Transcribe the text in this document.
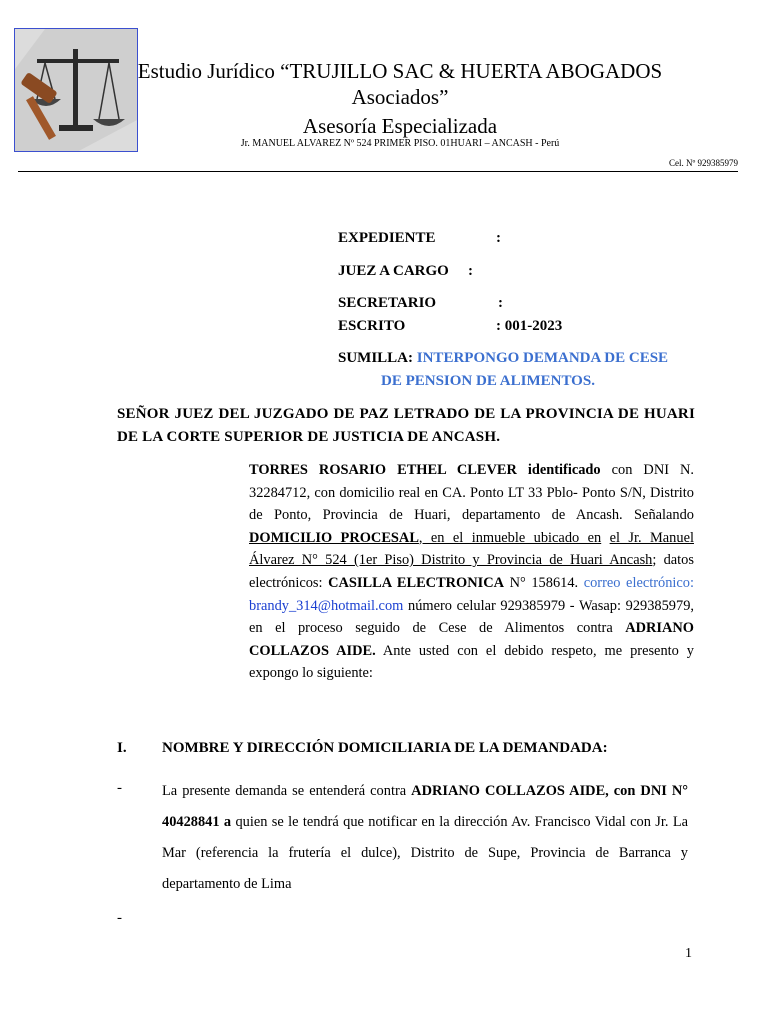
Estudio Jurídico “TRUJILLO SAC & HUERTA ABOGADOS
Asociados”
Asesoría Especializada
Jr. MANUEL ALVAREZ Nº 524 PRIMER PISO. 01HUARI – ANCASH - Perú
Cel. Nº 929385979
EXPEDIENTE	:
JUEZ A CARGO :
SECRETARIO	:
ESCRITO	: 001-2023
SUMILLA: INTERPONGO DEMANDA DE CESE
DE PENSION DE ALIMENTOS.
SEÑOR JUEZ DEL JUZGADO DE PAZ LETRADO DE LA PROVINCIA DE HUARI DE LA CORTE SUPERIOR DE JUSTICIA DE ANCASH.
TORRES ROSARIO ETHEL CLEVER identificado con DNI N. 32284712, con domicilio real en CA. Ponto LT 33 Pblo- Ponto S/N, Distrito de Ponto, Provincia de Huari, departamento de Ancash. Señalando DOMICILIO PROCESAL, en el inmueble ubicado en el Jr. Manuel Álvarez N° 524 (1er Piso) Distrito y Provincia de Huari Ancash; datos electrónicos: CASILLA ELECTRONICA N° 158614. correo electrónico: brandy_314@hotmail.com número celular 929385979 - Wasap: 929385979, en el proceso seguido de Cese de Alimentos contra ADRIANO COLLAZOS AIDE. Ante usted con el debido respeto, me presento y expongo lo siguiente:
I. NOMBRE Y DIRECCIÓN DOMICILIARIA DE LA DEMANDADA:
-	La presente demanda se entenderá contra ADRIANO COLLAZOS AIDE, con DNI N° 40428841 a quien se le tendrá que notificar en la dirección Av. Francisco Vidal con Jr. La Mar (referencia la frutería el dulce), Distrito de Supe, Provincia de Barranca y departamento de Lima
-
1
